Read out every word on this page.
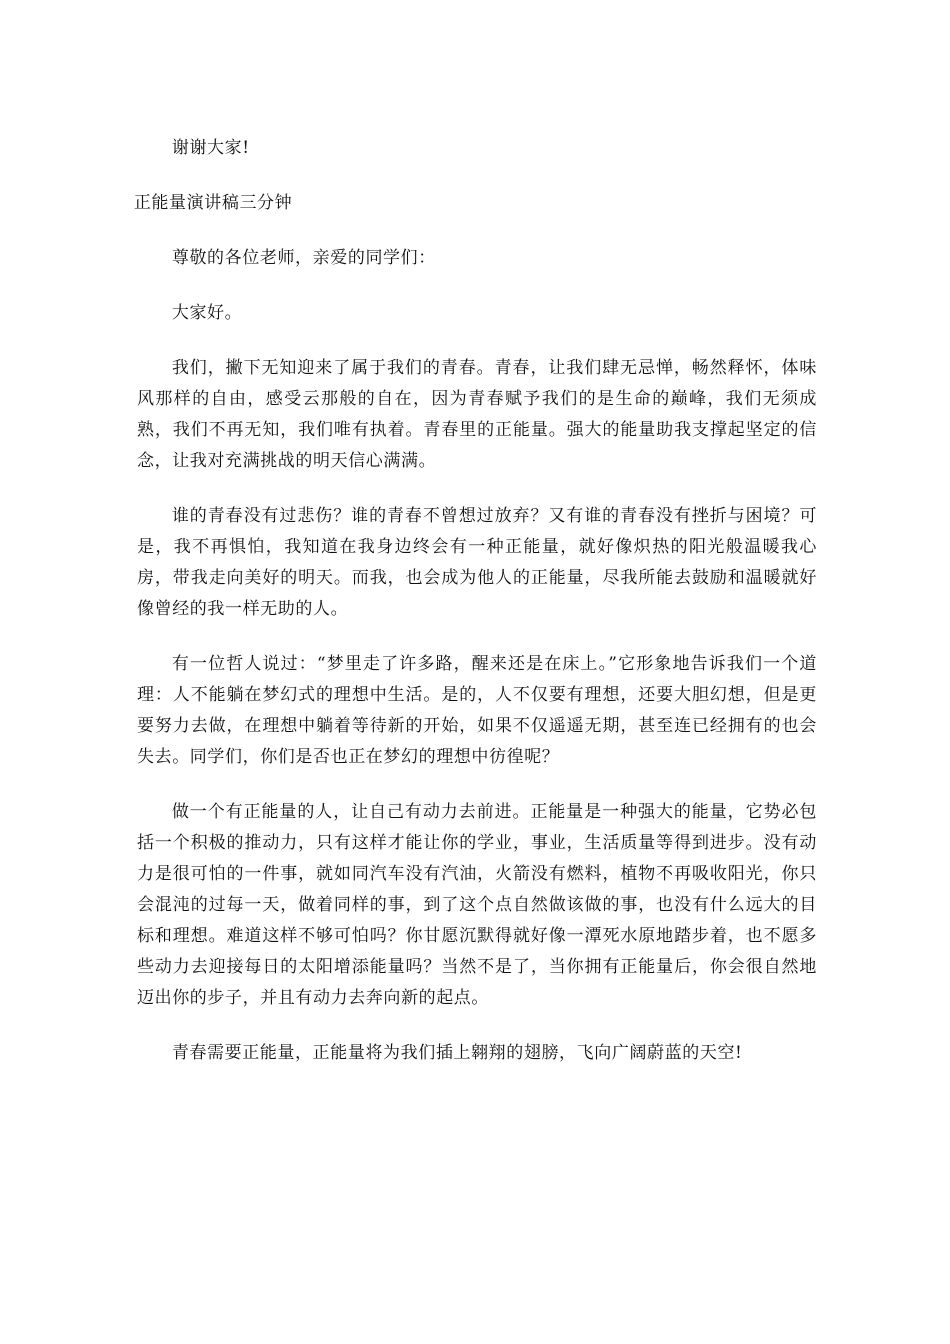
谢谢大家!

正能量演讲稿三分钟

尊敬的各位老师，亲爱的同学们：

大家好。

我们，撇下无知迎来了属于我们的青春。青春，让我们肆无忌惮，畅然释怀，体味风那样的自由，感受云那般的自在，因为青春赋予我们的是生命的巅峰，我们无须成熟，我们不再无知，我们唯有执着。青春里的正能量。强大的能量助我支撑起坚定的信念，让我对充满挑战的明天信心满满。

谁的青春没有过悲伤？谁的青春不曾想过放弃？又有谁的青春没有挫折与困境？可是，我不再惧怕，我知道在我身边终会有一种正能量，就好像炽热的阳光般温暖我心房，带我走向美好的明天。而我，也会成为他人的正能量，尽我所能去鼓励和温暖就好像曾经的我一样无助的人。

有一位哲人说过：“梦里走了许多路，醒来还是在床上。”它形象地告诉我们一个道理：人不能躺在梦幻式的理想中生活。是的，人不仅要有理想，还要大胆幻想，但是更要努力去做，在理想中躺着等待新的开始，如果不仅遥遥无期，甚至连已经拥有的也会失去。同学们，你们是否也正在梦幻的理想中彷徨呢？

做一个有正能量的人，让自己有动力去前进。正能量是一种强大的能量，它势必包括一个积极的推动力，只有这样才能让你的学业，事业，生活质量等得到进步。没有动力是很可怕的一件事，就如同汽车没有汽油，火箭没有燃料，植物不再吸收阳光，你只会混沌的过每一天，做着同样的事，到了这个点自然做该做的事，也没有什么远大的目标和理想。难道这样不够可怕吗？你甘愿沉默得就好像一潭死水原地踏步着，也不愿多些动力去迎接每日的太阳增添能量吗？当然不是了，当你拥有正能量后，你会很自然地迈出你的步子，并且有动力去奔向新的起点。

青春需要正能量，正能量将为我们插上翱翔的翅膀，飞向广阔蔚蓝的天空!
